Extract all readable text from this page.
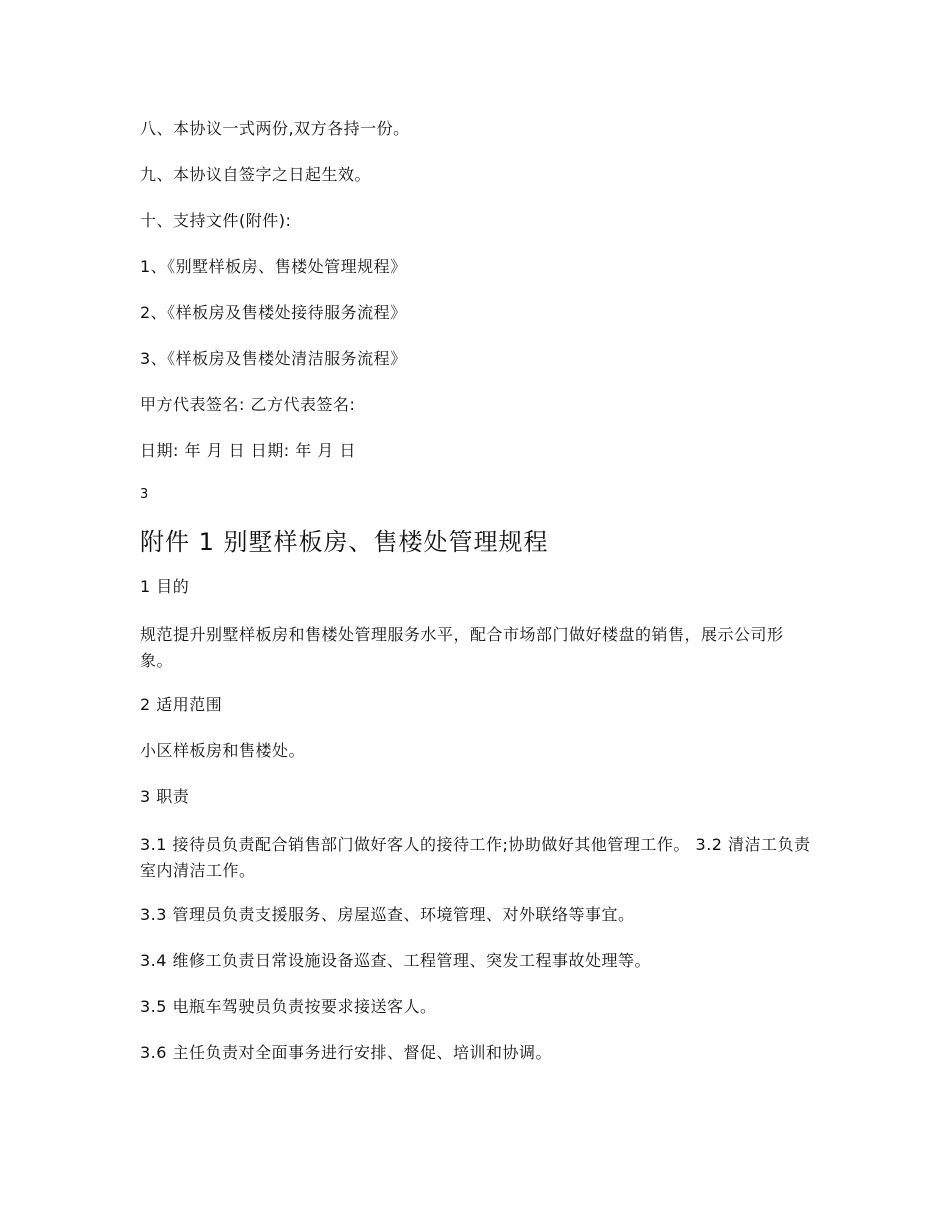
八、本协议一式两份,双方各持一份。

九、本协议自签字之日起生效。

十、支持文件(附件):

1、《别墅样板房、售楼处管理规程》

2、《样板房及售楼处接待服务流程》

3、《样板房及售楼处清洁服务流程》

甲方代表签名: 乙方代表签名:

日期: 年 月 日 日期: 年 月 日

3

附件 1 别墅样板房、售楼处管理规程

1 目的

规范提升别墅样板房和售楼处管理服务水平，配合市场部门做好楼盘的销售，展示公司形象。

2 适用范围

小区样板房和售楼处。

3 职责

3.1 接待员负责配合销售部门做好客人的接待工作;协助做好其他管理工作。 3.2 清洁工负责室内清洁工作。

3.3 管理员负责支援服务、房屋巡查、环境管理、对外联络等事宜。

3.4 维修工负责日常设施设备巡查、工程管理、突发工程事故处理等。

3.5 电瓶车驾驶员负责按要求接送客人。

3.6 主任负责对全面事务进行安排、督促、培训和协调。
